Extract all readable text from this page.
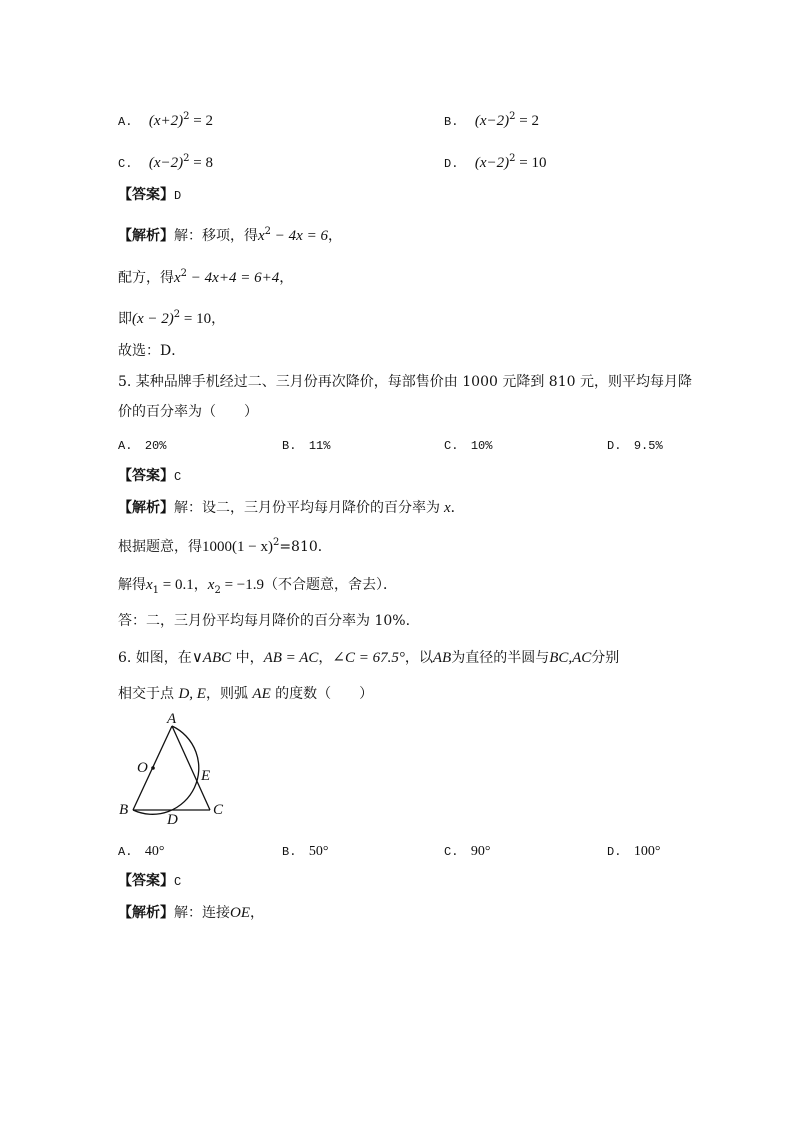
A. $(x+2)^2 = 2$	B. $(x-2)^2 = 2$
C. $(x-2)^2 = 8$	D. $(x-2)^2 = 10$
【答案】D
【解析】解：移项，得$x^2 - 4x = 6$，
配方，得$x^2 - 4x+4 = 6+4$，
即$(x - 2)^2 = 10$，
故选：D．
5. 某种品牌手机经过二、三月份再次降价，每部售价由 1000 元降到 810 元，则平均每月降
价的百分率为（　　）
A. 20%	B. 11%	C. 10%	D. 9.5%
【答案】C
【解析】解：设二，三月份平均每月降价的百分率为 x．
根据题意，得$1000(1 - x)^2=810$．
解得$x_1 = 0.1$，$x_2 = -1.9$（不合题意，舍去）．
答：二，三月份平均每月降价的百分率为 10%.
6. 如图，在∨ABC 中，AB = AC，∠C = 67.5°，以AB为直径的半圆与BC,AC分别
相交于点 D, E，则弧 AE 的度数（　　）
A
O	E
B
D
C
A. 40°	B. 50°	C. 90°	D. 100°
【答案】C
【解析】解：连接OE，
